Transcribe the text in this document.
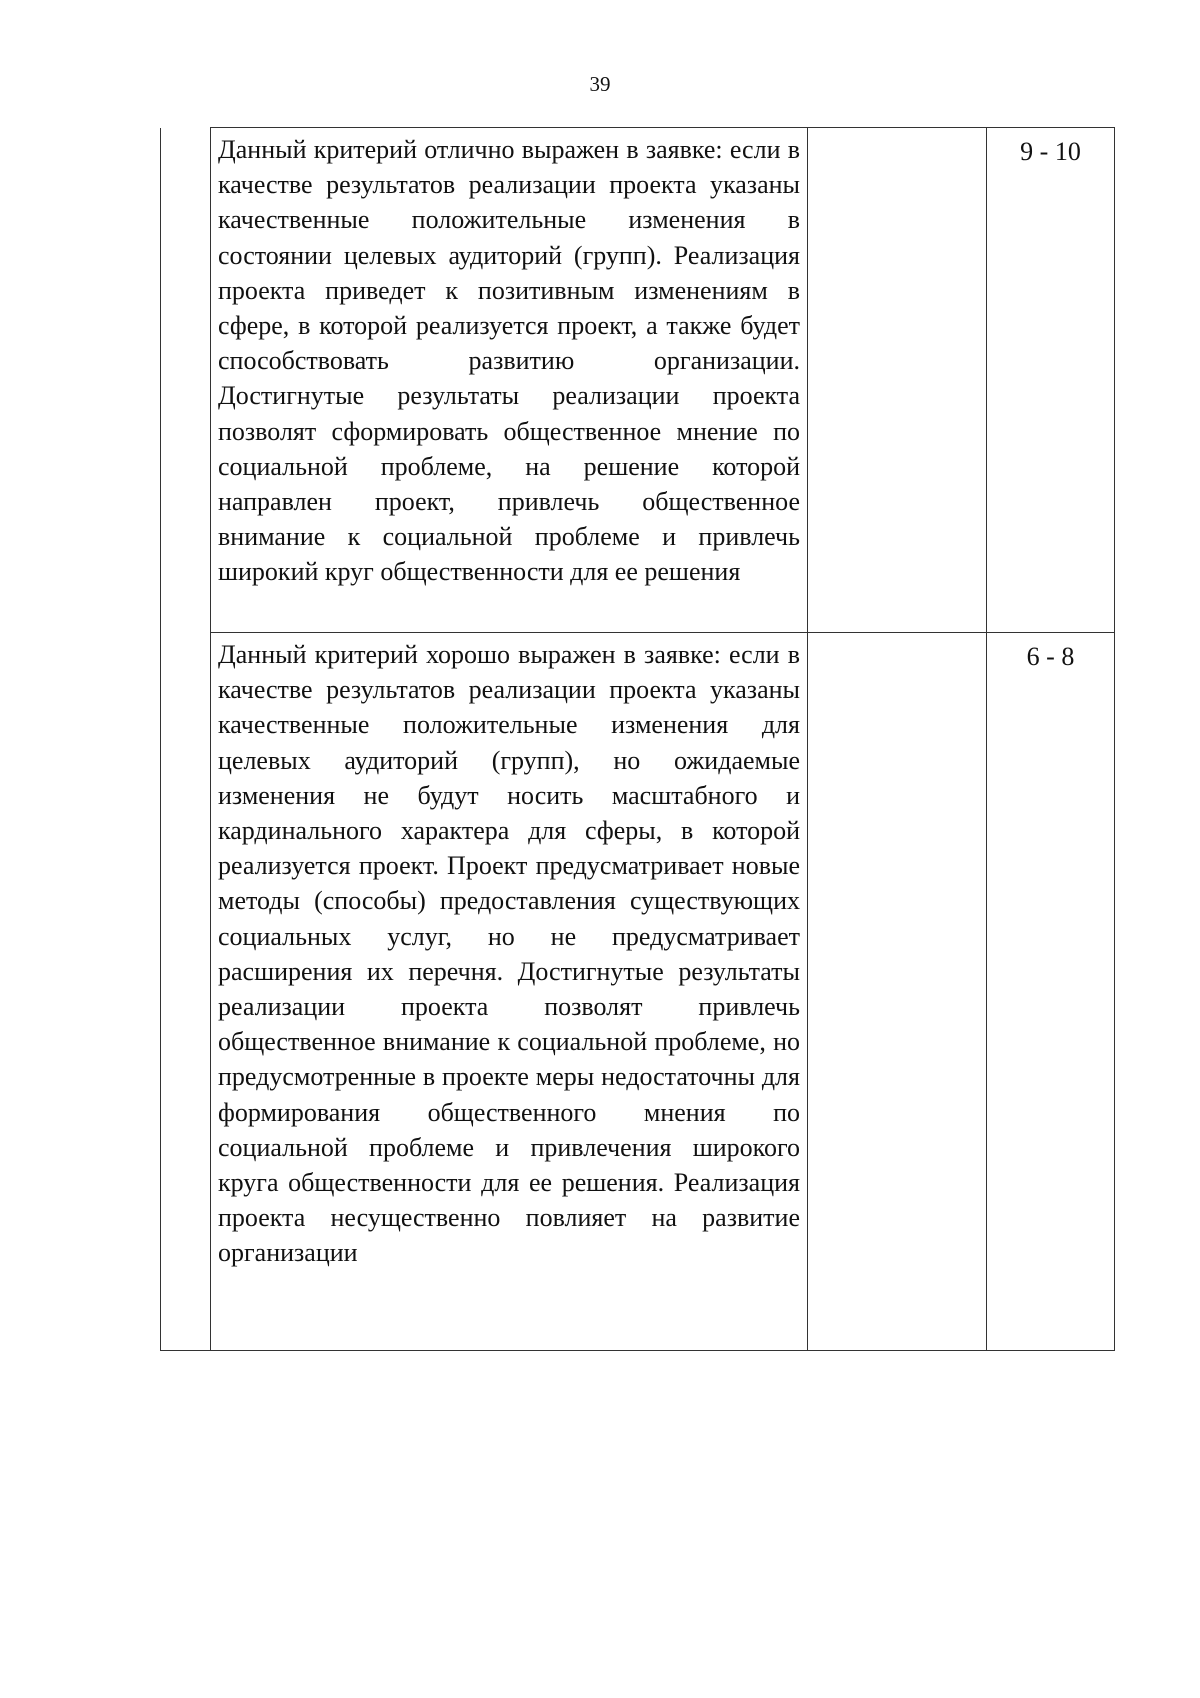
39

	Данный критерий отлично выражен в заявке: если в качестве результатов реализации проекта указаны качественные положительные изменения в состоянии целевых аудиторий (групп). Реализация проекта приведет к позитивным изменениям в сфере, в которой реализуется проект, а также будет способствовать развитию организации. Достигнутые результаты реализации проекта позволят сформировать общественное мнение по социальной проблеме, на решение которой направлен проект, привлечь общественное внимание к социальной проблеме и привлечь широкий круг общественности для ее решения		9 - 10

	Данный критерий хорошо выражен в заявке: если в качестве результатов реализации проекта указаны качественные положительные изменения для целевых аудиторий (групп), но ожидаемые изменения не будут носить масштабного и кардинального характера для сферы, в которой реализуется проект. Проект предусматривает новые методы (способы) предоставления существующих социальных услуг, но не предусматривает расширения их перечня. Достигнутые результаты реализации проекта позволят привлечь общественное внимание к социальной проблеме, но предусмотренные в проекте меры недостаточны для формирования общественного мнения по социальной проблеме и привлечения широкого круга общественности для ее решения. Реализация проекта несущественно повлияет на развитие организации		6 - 8
